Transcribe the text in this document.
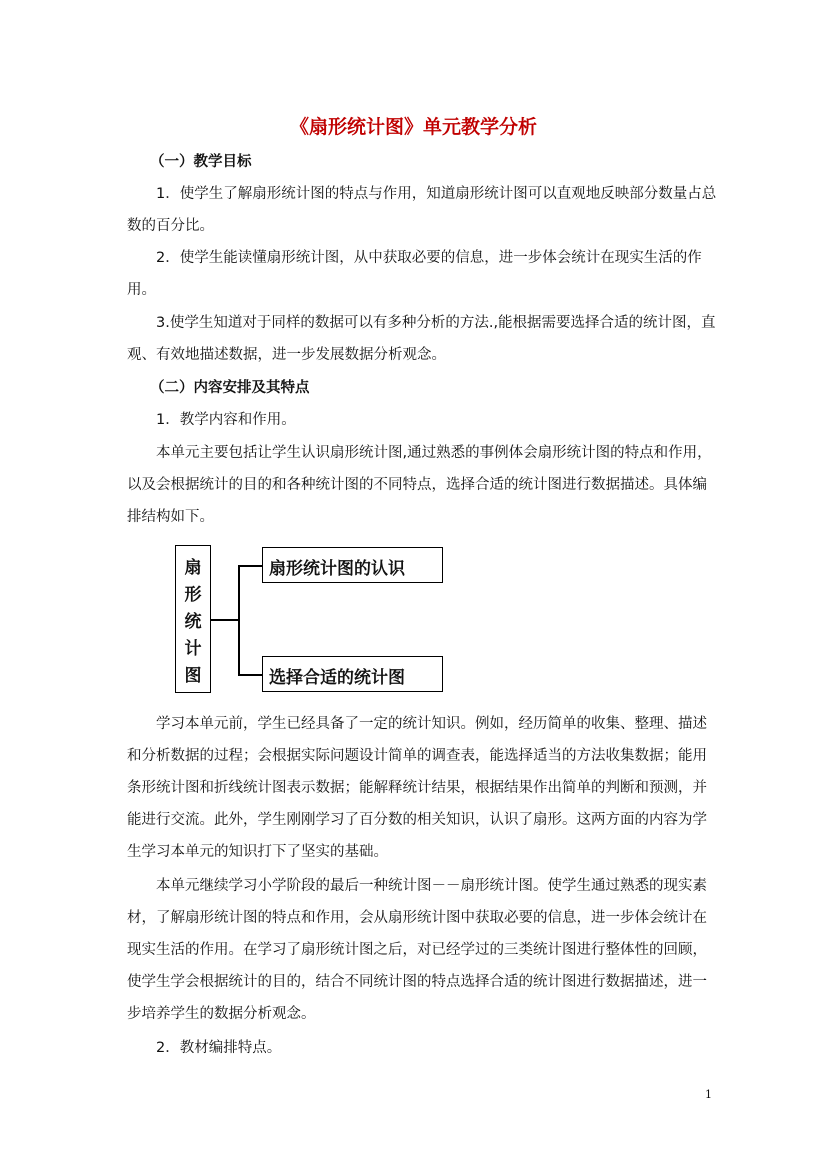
《扇形统计图》单元教学分析

（一）教学目标

1．使学生了解扇形统计图的特点与作用，知道扇形统计图可以直观地反映部分数量占总数的百分比。

2．使学生能读懂扇形统计图，从中获取必要的信息，进一步体会统计在现实生活的作用。

3.使学生知道对于同样的数据可以有多种分析的方法.,能根据需要选择合适的统计图，直观、有效地描述数据，进一步发展数据分析观念。

（二）内容安排及其特点

1．教学内容和作用。

本单元主要包括让学生认识扇形统计图,通过熟悉的事例体会扇形统计图的特点和作用，以及会根据统计的目的和各种统计图的不同特点，选择合适的统计图进行数据描述。具体编排结构如下。

扇
形
统
计
图
扇形统计图的认识
选择合适的统计图

学习本单元前，学生已经具备了一定的统计知识。例如，经历简单的收集、整理、描述和分析数据的过程；会根据实际问题设计简单的调查表，能选择适当的方法收集数据；能用条形统计图和折线统计图表示数据；能解释统计结果，根据结果作出简单的判断和预测，并能进行交流。此外，学生刚刚学习了百分数的相关知识，认识了扇形。这两方面的内容为学生学习本单元的知识打下了坚实的基础。

本单元继续学习小学阶段的最后一种统计图－－扇形统计图。使学生通过熟悉的现实素材，了解扇形统计图的特点和作用，会从扇形统计图中获取必要的信息，进一步体会统计在现实生活的作用。在学习了扇形统计图之后，对已经学过的三类统计图进行整体性的回顾，使学生学会根据统计的目的，结合不同统计图的特点选择合适的统计图进行数据描述，进一步培养学生的数据分析观念。

2．教材编排特点。

1
